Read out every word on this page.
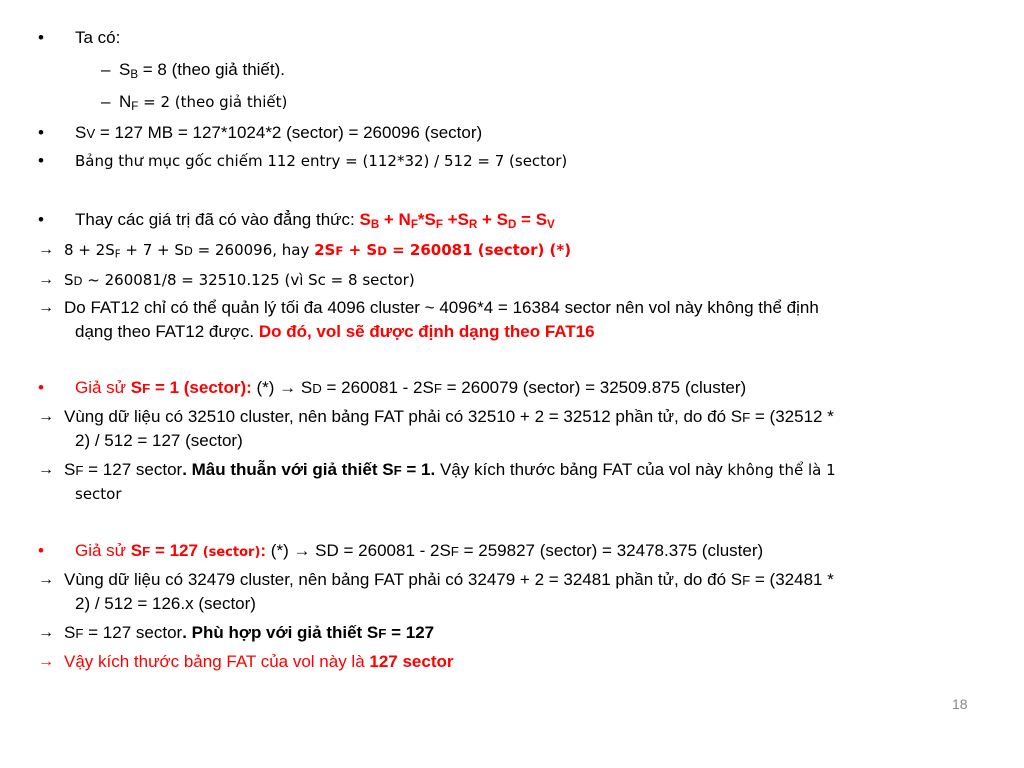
• Ta có:
– $S_B = 8$ (theo giả thiết).
– $N_F = 2$ (theo giả thiết)
• SV = 127 MB = 127*1024*2 (sector) = 260096 (sector)
• Bảng thư mục gốc chiếm 112 entry = (112*32) / 512 = 7 (sector)
• Thay các giá trị đã có vào đẳng thức: $S_B + N_F*S_F +S_R + S_D = S_V$
→ $8 + 2S_F + 7$ + SD = 260096, hay 2SF + SD = 260081 (sector) (*)
→ SD ~ 260081/8 = 32510.125 (vì Sc = 8 sector)
→ Do FAT12 chỉ có thể quản lý tối đa 4096 cluster ~ 4096*4 = 16384 sector nên vol này không thể định
dạng theo FAT12 được. Do đó, vol sẽ được định dạng theo FAT16
• Giả sử SF = 1 (sector): (*) → SD = 260081 - 2SF = 260079 (sector) = 32509.875 (cluster)
→ Vùng dữ liệu có 32510 cluster, nên bảng FAT phải có 32510 + 2 = 32512 phần tử, do đó SF = (32512 *
2) / 512 = 127 (sector)
→ SF = 127 sector. Mâu thuẫn với giả thiết SF = 1. Vậy kích thước bảng FAT của vol này không thể là 1
sector
• Giả sử SF = 127 (sector): (*) → SD = 260081 - 2SF = 259827 (sector) = 32478.375 (cluster)
→ Vùng dữ liệu có 32479 cluster, nên bảng FAT phải có 32479 + 2 = 32481 phần tử, do đó SF = (32481 *
2) / 512 = 126.x (sector)
→ SF = 127 sector. Phù hợp với giả thiết SF = 127
→ Vậy kích thước bảng FAT của vol này là 127 sector
18
